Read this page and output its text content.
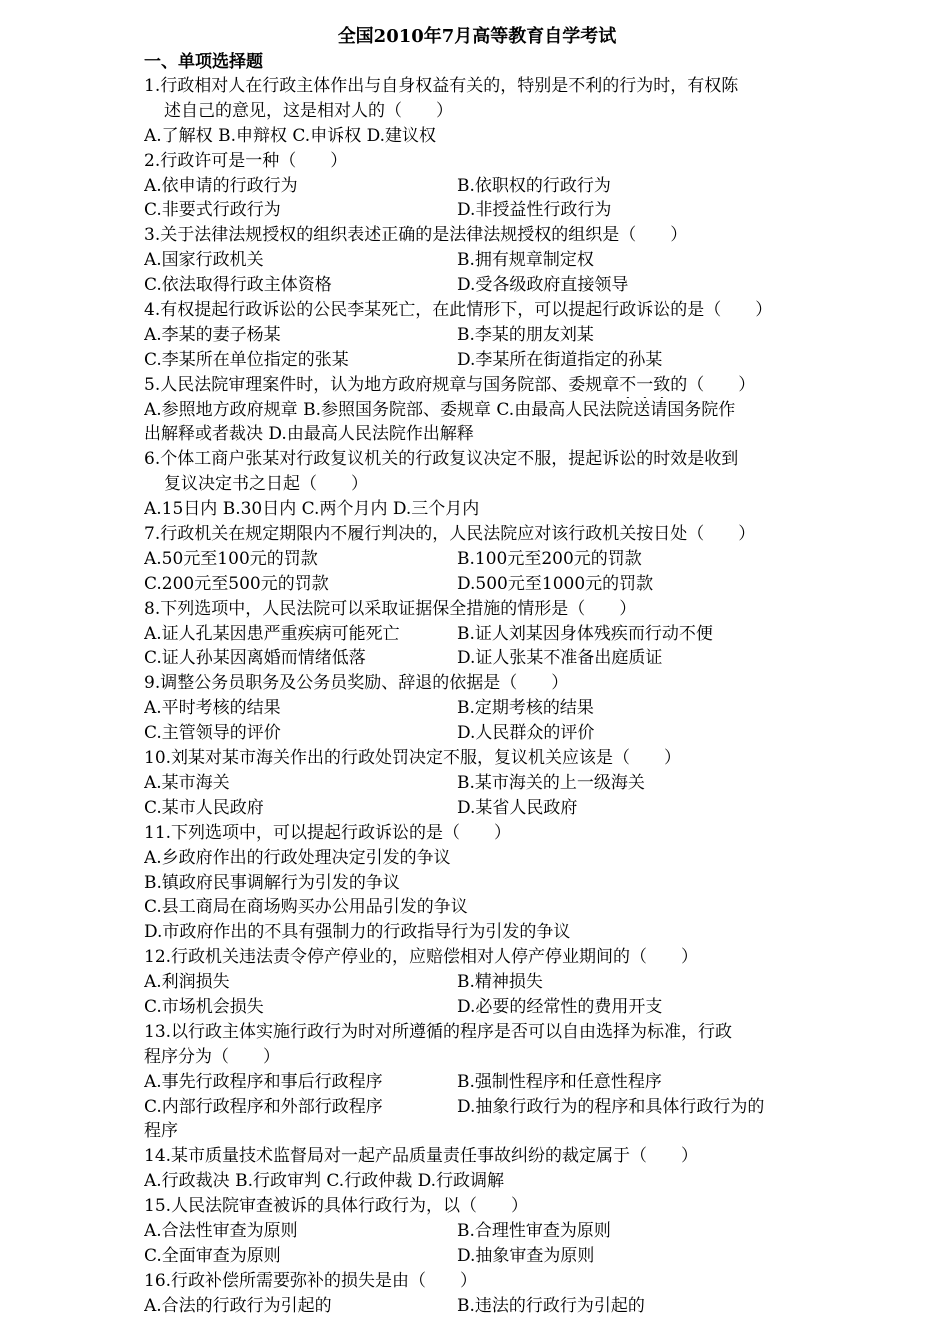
全国2010年7月高等教育自学考试
一、单项选择题
1.行政相对人在行政主体作出与自身权益有关的，特别是不利的行为时，有权陈
述自己的意见，这是相对人的（　　）
A.了解权 B.申辩权 C.申诉权 D.建议权
2.行政许可是一种（　　）
A.依申请的行政行为	B.依职权的行政行为
C.非要式行政行为	D.非授益性行政行为
3.关于法律法规授权的组织表述正确的是法律法规授权的组织是（　　）
A.国家行政机关	B.拥有规章制定权
C.依法取得行政主体资格	D.受各级政府直接领导
4.有权提起行政诉讼的公民李某死亡，在此情形下，可以提起行政诉讼的是（　　）
A.李某的妻子杨某	B.李某的朋友刘某
C.李某所在单位指定的张某	D.李某所在街道指定的孙某
5.人民法院审理案件时，认为地方政府规章与国务院部、委规章不一致的（　　）
A.参照地方政府规章 B.参照国务院部、委规章 C.由最高人民法院送请国务院作
出解释或者裁决 D.由最高人民法院作出解释
6.个体工商户张某对行政复议机关的行政复议决定不服，提起诉讼的时效是收到
复议决定书之日起（　　）
A.15日内 B.30日内 C.两个月内 D.三个月内
7.行政机关在规定期限内不履行判决的，人民法院应对该行政机关按日处（　　）
A.50元至100元的罚款	B.100元至200元的罚款
C.200元至500元的罚款	D.500元至1000元的罚款
8.下列选项中，人民法院可以采取证据保全措施的情形是（　　）
A.证人孔某因患严重疾病可能死亡	B.证人刘某因身体残疾而行动不便
C.证人孙某因离婚而情绪低落	D.证人张某不准备出庭质证
9.调整公务员职务及公务员奖励、辞退的依据是（　　）
A.平时考核的结果	B.定期考核的结果
C.主管领导的评价	D.人民群众的评价
10.刘某对某市海关作出的行政处罚决定不服，复议机关应该是（　　）
A.某市海关	B.某市海关的上一级海关
C.某市人民政府	D.某省人民政府
11.下列选项中，可以提起行政诉讼的是（　　）
A.乡政府作出的行政处理决定引发的争议
B.镇政府民事调解行为引发的争议
C.县工商局在商场购买办公用品引发的争议
D.市政府作出的不具有强制力的行政指导行为引发的争议
12.行政机关违法责令停产停业的，应赔偿相对人停产停业期间的（　　）
A.利润损失	B.精神损失
C.市场机会损失	D.必要的经常性的费用开支
13.以行政主体实施行政行为时对所遵循的程序是否可以自由选择为标准，行政
程序分为（　　）
A.事先行政程序和事后行政程序	B.强制性程序和任意性程序
C.内部行政程序和外部行政程序	D.抽象行政行为的程序和具体行政行为的
程序
14.某市质量技术监督局对一起产品质量责任事故纠纷的裁定属于（　　）
A.行政裁决 B.行政审判 C.行政仲裁 D.行政调解
15.人民法院审查被诉的具体行政行为，以（　　）
A.合法性审查为原则	B.合理性审查为原则
C.全面审查为原则	D.抽象审查为原则
16.行政补偿所需要弥补的损失是由（　　）
A.合法的行政行为引起的	B.违法的行政行为引起的
